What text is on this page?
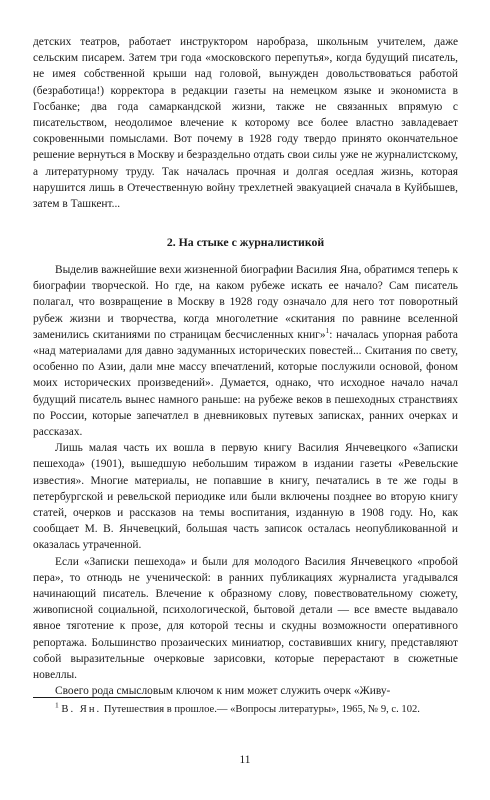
детских театров, работает инструктором наробраза, школьным учителем, даже сельским писарем. Затем три года «московского перепутья», когда будущий писатель, не имея собственной крыши над головой, вынужден довольствоваться работой (безработица!) корректора в редакции газеты на немецком языке и экономиста в Госбанке; два года самаркандской жизни, также не связанных впрямую с писательством, неодолимое влечение к которому все более властно завладевает сокровенными помыслами. Вот почему в 1928 году твердо принято окончательное решение вернуться в Москву и безраздельно отдать свои силы уже не журналистскому, а литературному труду. Так началась прочная и долгая оседлая жизнь, которая нарушится лишь в Отечественную войну трехлетней эвакуацией сначала в Куйбышев, затем в Ташкент...

2. На стыке с журналистикой

Выделив важнейшие вехи жизненной биографии Василия Яна, обратимся теперь к биографии творческой. Но где, на каком рубеже искать ее начало? Сам писатель полагал, что возвращение в Москву в 1928 году означало для него тот поворотный рубеж жизни и творчества, когда многолетние «скитания по равнине вселенной заменились скитаниями по страницам бесчисленных книг»$^1$: началась упорная работа «над материалами для давно задуманных исторических повестей... Скитания по свету, особенно по Азии, дали мне массу впечатлений, которые послужили основой, фоном моих исторических произведений». Думается, однако, что исходное начало начал будущий писатель вынес намного раньше: на рубеже веков в пешеходных странствиях по России, которые запечатлел в дневниковых путевых записках, ранних очерках и рассказах.

Лишь малая часть их вошла в первую книгу Василия Янчевецкого «Записки пешехода» (1901), вышедшую небольшим тиражом в издании газеты «Ревельские известия». Многие материалы, не попавшие в книгу, печатались в те же годы в петербургской и ревельской периодике или были включены позднее во вторую книгу статей, очерков и рассказов на темы воспитания, изданную в 1908 году. Но, как сообщает М. В. Янчевецкий, большая часть записок осталась неопубликованной и оказалась утраченной.

Если «Записки пешехода» и были для молодого Василия Янчевецкого «пробой пера», то отнюдь не ученической: в ранних публикациях журналиста угадывался начинающий писатель. Влечение к образному слову, повествовательному сюжету, живописной социальной, психологической, бытовой детали — все вместе выдавало явное тяготение к прозе, для которой тесны и скудны возможности оперативного репортажа. Большинство прозаических миниатюр, составивших книгу, представляют собой выразительные очерковые зарисовки, которые перерастают в сюжетные новеллы.

Своего рода смысловым ключом к ним может служить очерк «Живу-

$^1$ В. Ян. Путешествия в прошлое.— «Вопросы литературы», 1965, № 9, с. 102.

11
